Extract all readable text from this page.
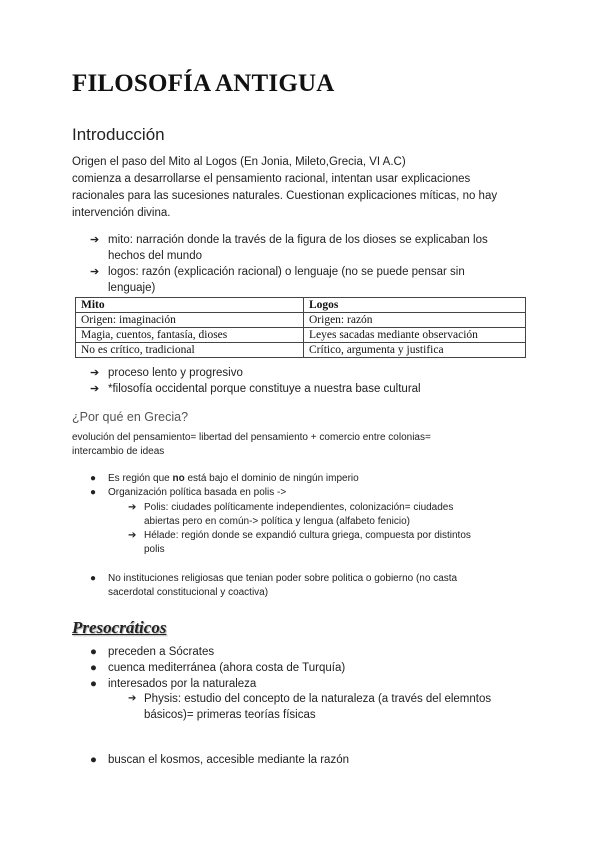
FILOSOFÍA ANTIGUA
Introducción
Origen el paso del Mito al Logos (En Jonia, Mileto,Grecia, VI A.C)
comienza a desarrollarse el pensamiento racional, intentan usar explicaciones
racionales para las sucesiones naturales. Cuestionan explicaciones míticas, no hay
intervención divina.
➔ mito: narración donde la través de la figura de los dioses se explicaban los
hechos del mundo
➔ logos: razón (explicación racional) o lenguaje (no se puede pensar sin
lenguaje)
Mito	Logos
Origen: imaginación	Origen: razón
Magia, cuentos, fantasía, dioses	Leyes sacadas mediante observación
No es crítico, tradicional	Crítico, argumenta y justifica
➔ proceso lento y progresivo
➔ *filosofía occidental porque constituye a nuestra base cultural
¿Por qué en Grecia?
evolución del pensamiento= libertad del pensamiento + comercio entre colonias=
intercambio de ideas
● Es región que no está bajo el dominio de ningún imperio
● Organización política basada en polis ->
➔ Polis: ciudades políticamente independientes, colonización= ciudades
abiertas pero en común-> política y lengua (alfabeto fenicio)
➔ Hélade: región donde se expandió cultura griega, compuesta por distintos
polis
● No instituciones religiosas que tenian poder sobre politica o gobierno (no casta
sacerdotal constitucional y coactiva)
Presocráticos
● preceden a Sócrates
● cuenca mediterránea (ahora costa de Turquía)
● interesados por la naturaleza
➔ Physis: estudio del concepto de la naturaleza (a través del elemntos
básicos)= primeras teorías físicas
● buscan el kosmos, accesible mediante la razón
